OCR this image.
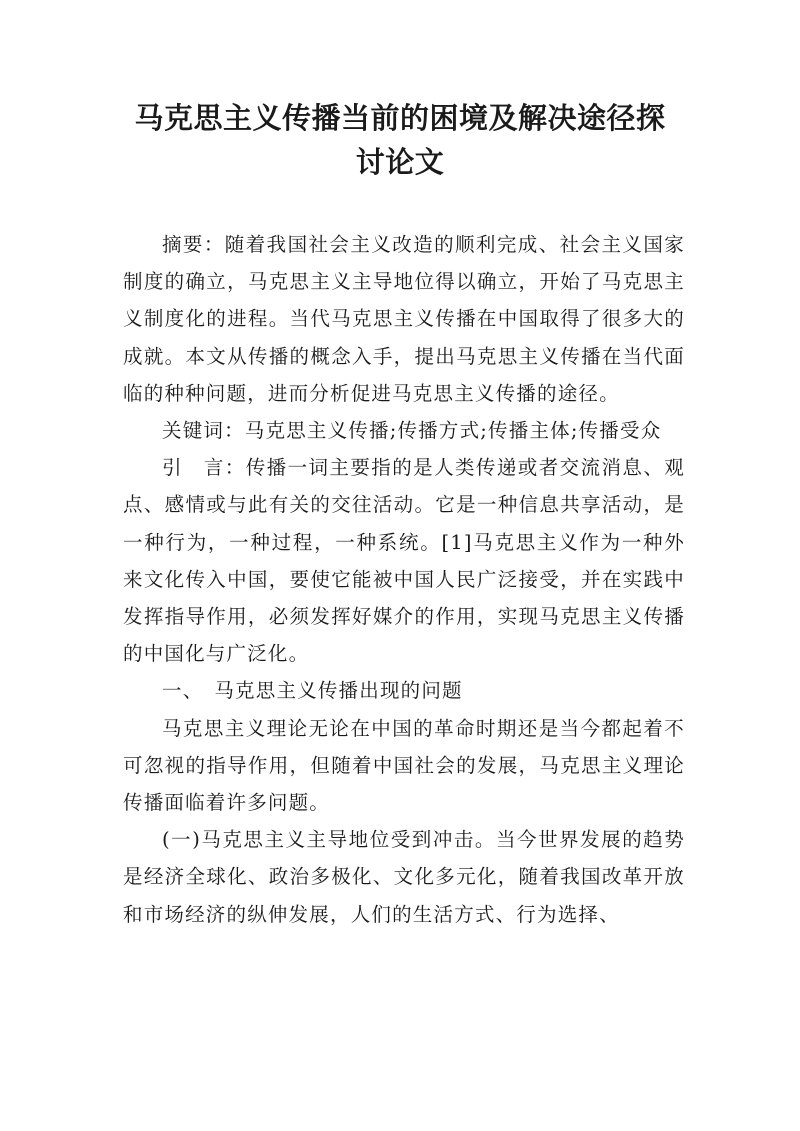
马克思主义传播当前的困境及解决途径探
讨论文

摘要：随着我国社会主义改造的顺利完成、社会主义国家制度的确立，马克思主义主导地位得以确立，开始了马克思主义制度化的进程。当代马克思主义传播在中国取得了很多大的成就。本文从传播的概念入手，提出马克思主义传播在当代面临的种种问题，进而分析促进马克思主义传播的途径。

关键词：马克思主义传播;传播方式;传播主体;传播受众

引　言：传播一词主要指的是人类传递或者交流消息、观点、感情或与此有关的交往活动。它是一种信息共享活动，是一种行为，一种过程，一种系统。[1]马克思主义作为一种外来文化传入中国，要使它能被中国人民广泛接受，并在实践中发挥指导作用，必须发挥好媒介的作用，实现马克思主义传播的中国化与广泛化。

一、　马克思主义传播出现的问题

马克思主义理论无论在中国的革命时期还是当今都起着不可忽视的指导作用，但随着中国社会的发展，马克思主义理论传播面临着许多问题。

(一)马克思主义主导地位受到冲击。当今世界发展的趋势是经济全球化、政治多极化、文化多元化，随着我国改革开放和市场经济的纵伸发展，人们的生活方式、行为选择、
